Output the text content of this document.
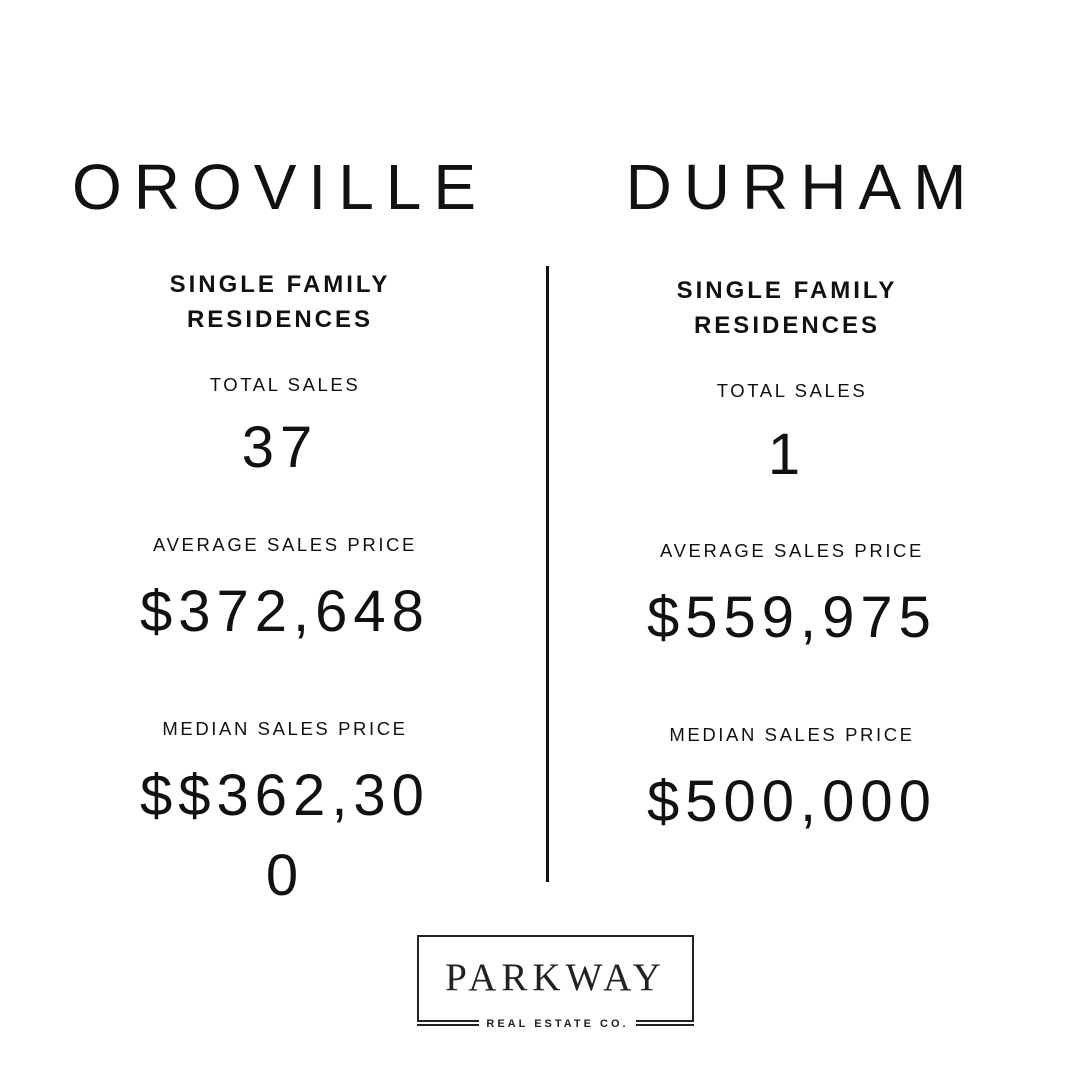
OROVILLE	DURHAM
SINGLE FAMILY
RESIDENCES
TOTAL SALES
37
AVERAGE SALES PRICE
$372,648
MEDIAN SALES PRICE
$$362,30
0
SINGLE FAMILY
RESIDENCES
TOTAL SALES
1
AVERAGE SALES PRICE
$559,975
MEDIAN SALES PRICE
$500,000
PARKWAY
REAL ESTATE CO.
